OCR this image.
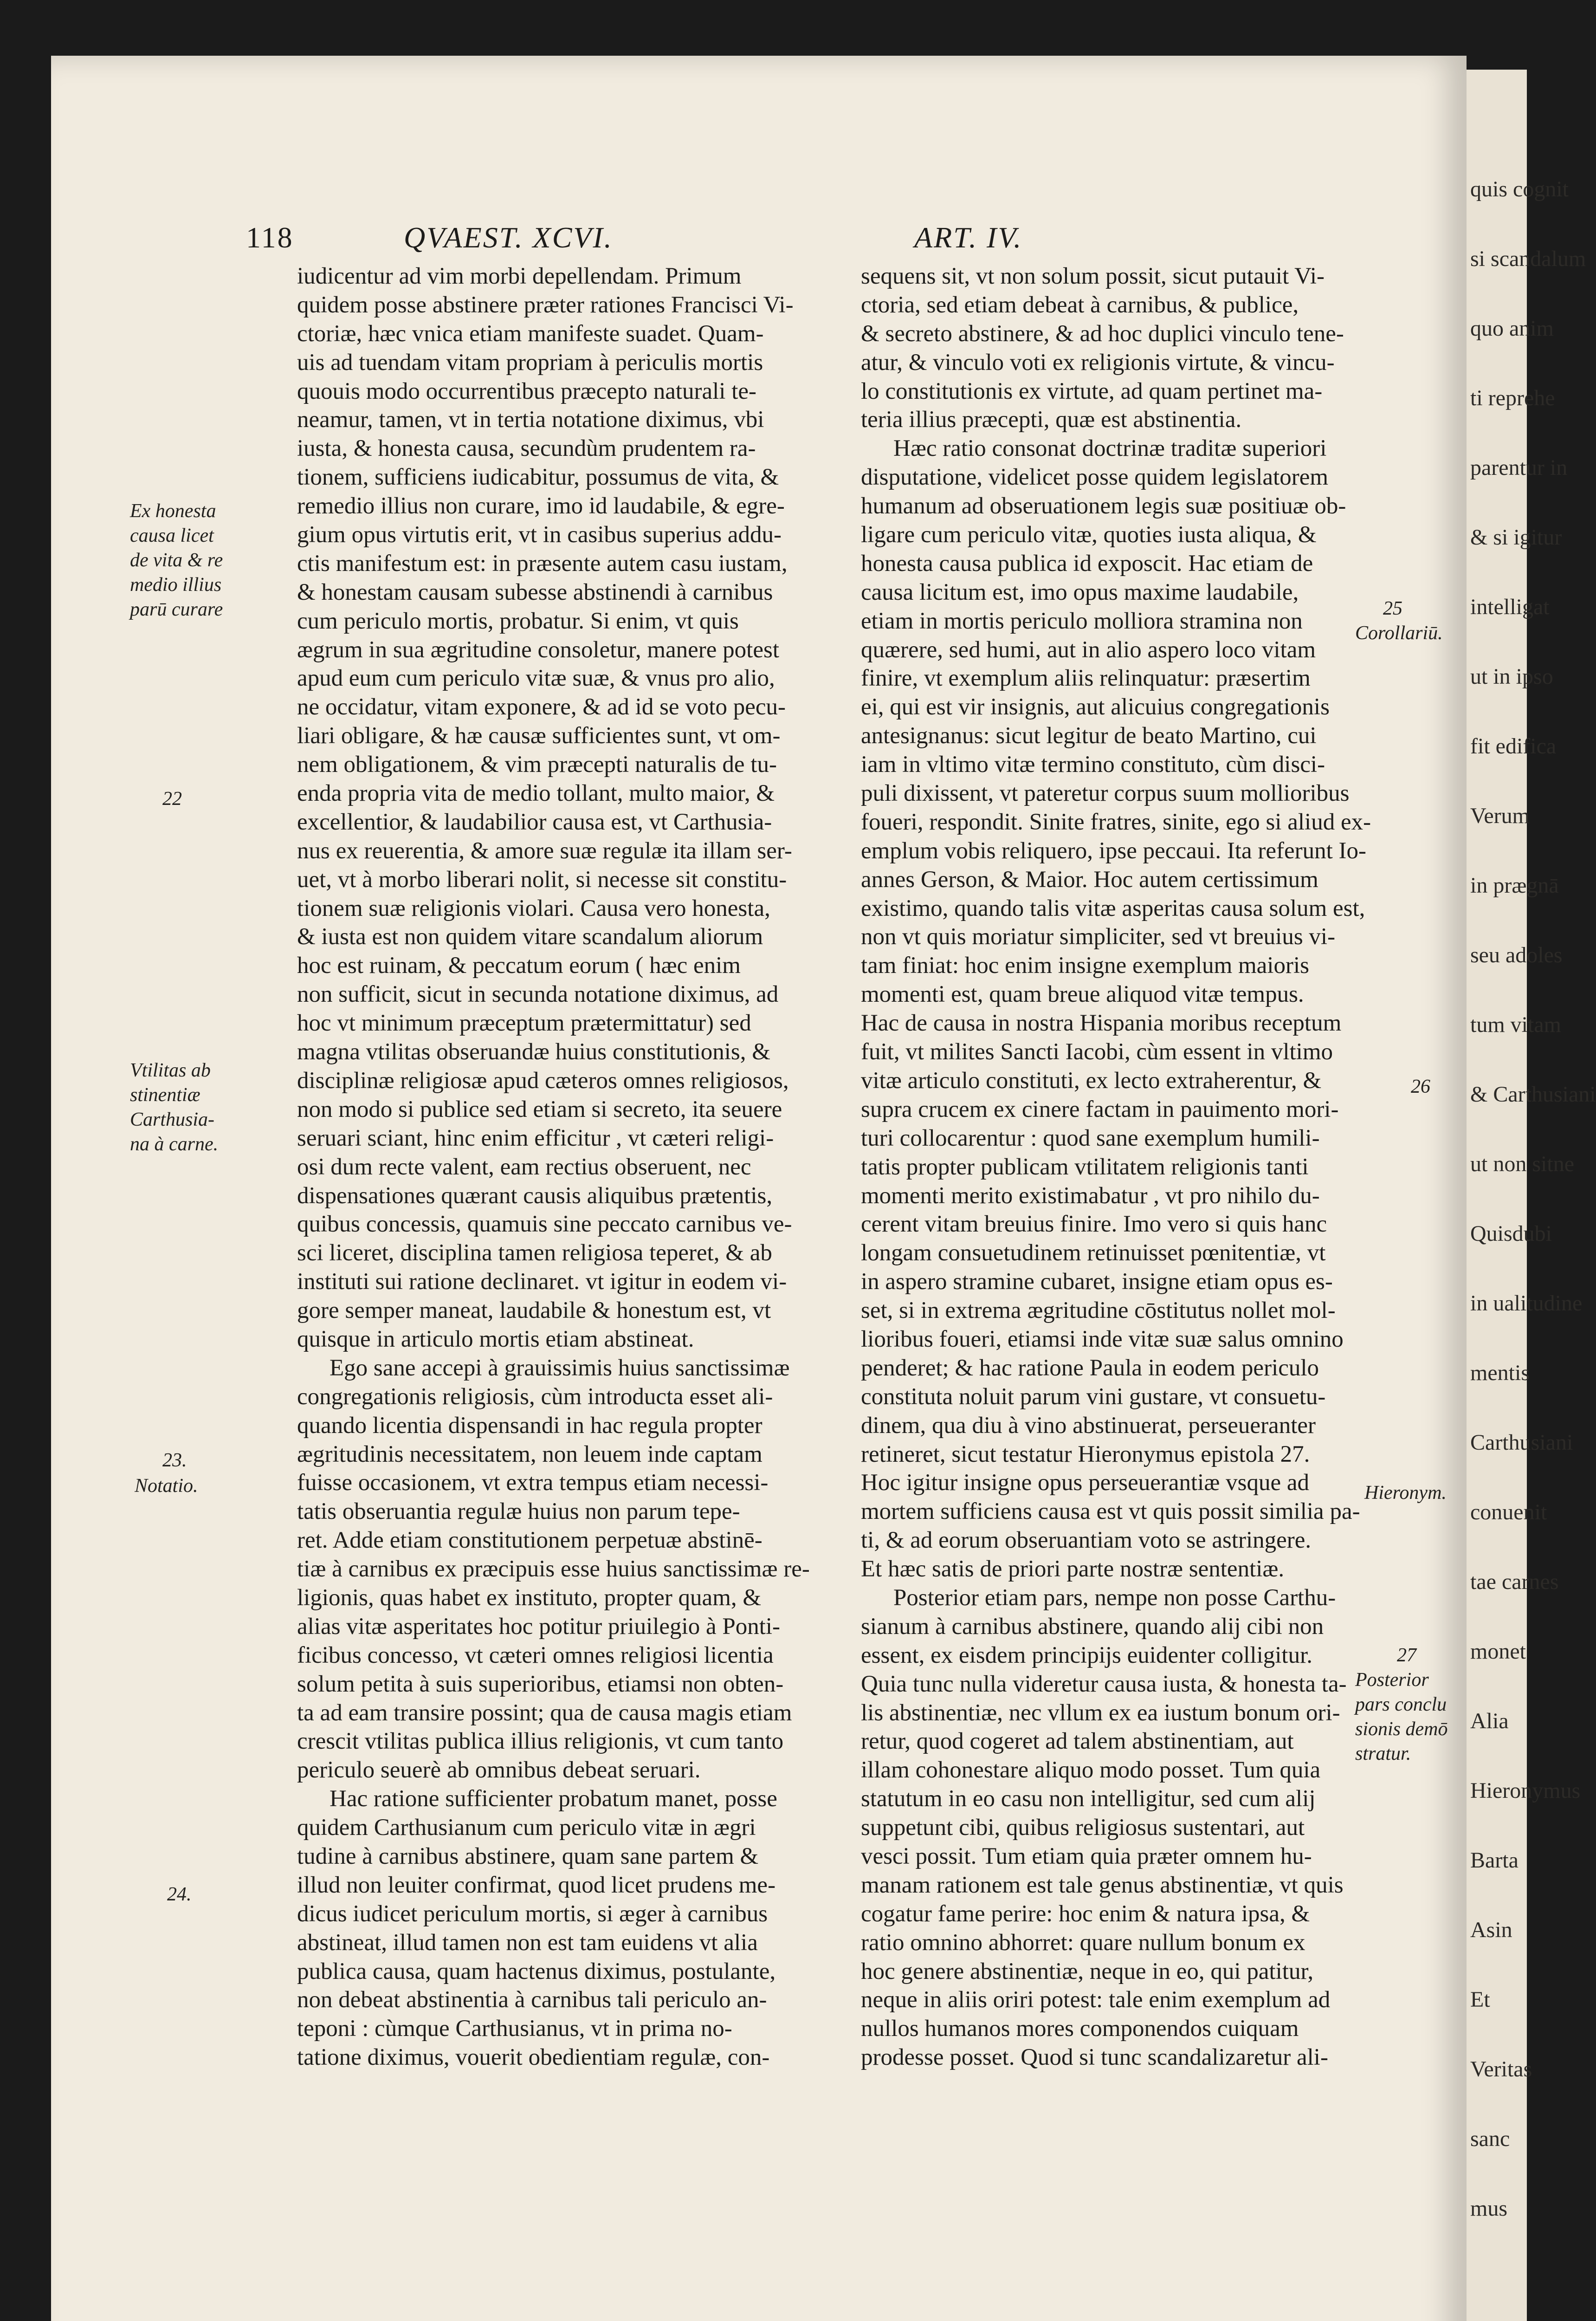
118	QVAEST. XCVI.	ART. IV.
iudicentur ad vim morbi depellendam. Primum
quidem posse abstinere præter rationes Francisci Vi-
ctoriæ, hæc vnica etiam manifeste suadet. Quam-
uis ad tuendam vitam propriam à periculis mortis
quouis modo occurrentibus præcepto naturali te-
neamur, tamen, vt in tertia notatione diximus, vbi
iusta, & honesta causa, secundùm prudentem ra-
tionem, sufficiens iudicabitur, possumus de vita, &
remedio illius non curare, imo id laudabile, & egre-
gium opus virtutis erit, vt in casibus superius addu-
ctis manifestum est: in præsente autem casu iustam,
& honestam causam subesse abstinendi à carnibus
cum periculo mortis, probatur. Si enim, vt quis
ægrum in sua ægritudine consoletur, manere potest
apud eum cum periculo vitæ suæ, & vnus pro alio,
ne occidatur, vitam exponere, & ad id se voto pecu-
liari obligare, & hæ causæ sufficientes sunt, vt om-
nem obligationem, & vim præcepti naturalis de tu-
enda propria vita de medio tollant, multo maior, &
excellentior, & laudabilior causa est, vt Carthusia-
nus ex reuerentia, & amore suæ regulæ ita illam ser-
uet, vt à morbo liberari nolit, si necesse sit constitu-
tionem suæ religionis violari. Causa vero honesta,
& iusta est non quidem vitare scandalum aliorum
hoc est ruinam, & peccatum eorum ( hæc enim
non sufficit, sicut in secunda notatione diximus, ad
hoc vt minimum præceptum prætermittatur) sed
magna vtilitas obseruandæ huius constitutionis, &
disciplinæ religiosæ apud cæteros omnes religiosos,
non modo si publice sed etiam si secreto, ita seuere
seruari sciant, hinc enim efficitur , vt cæteri religi-
osi dum recte valent, eam rectius obseruent, nec
dispensationes quærant causis aliquibus prætentis,
quibus concessis, quamuis sine peccato carnibus ve-
sci liceret, disciplina tamen religiosa teperet, & ab
instituti sui ratione declinaret. vt igitur in eodem vi-
gore semper maneat, laudabile & honestum est, vt
quisque in articulo mortis etiam abstineat.
Ego sane accepi à grauissimis huius sanctissimæ
congregationis religiosis, cùm introducta esset ali-
quando licentia dispensandi in hac regula propter
ægritudinis necessitatem, non leuem inde captam
fuisse occasionem, vt extra tempus etiam necessi-
tatis obseruantia regulæ huius non parum tepe-
ret. Adde etiam constitutionem perpetuæ abstinē-
tiæ à carnibus ex præcipuis esse huius sanctissimæ re-
ligionis, quas habet ex instituto, propter quam, &
alias vitæ asperitates hoc potitur priuilegio à Ponti-
ficibus concesso, vt cæteri omnes religiosi licentia
solum petita à suis superioribus, etiamsi non obten-
ta ad eam transire possint; qua de causa magis etiam
crescit vtilitas publica illius religionis, vt cum tanto
periculo seuerè ab omnibus debeat seruari.
Hac ratione sufficienter probatum manet, posse
quidem Carthusianum cum periculo vitæ in ægri
tudine à carnibus abstinere, quam sane partem &
illud non leuiter confirmat, quod licet prudens me-
dicus iudicet periculum mortis, si æger à carnibus
abstineat, illud tamen non est tam euidens vt alia
publica causa, quam hactenus diximus, postulante,
non debeat abstinentia à carnibus tali periculo an-
teponi : cùmque Carthusianus, vt in prima no-
tatione diximus, vouerit obedientiam regulæ, con-
sequens sit, vt non solum possit, sicut putauit Vi-
ctoria, sed etiam debeat à carnibus, & publice,
& secreto abstinere, & ad hoc duplici vinculo tene-
atur, & vinculo voti ex religionis virtute, & vincu-
lo constitutionis ex virtute, ad quam pertinet ma-
teria illius præcepti, quæ est abstinentia.
Hæc ratio consonat doctrinæ traditæ superiori
disputatione, videlicet posse quidem legislatorem
humanum ad obseruationem legis suæ positiuæ ob-
ligare cum periculo vitæ, quoties iusta aliqua, &
honesta causa publica id exposcit. Hac etiam de
causa licitum est, imo opus maxime laudabile,
etiam in mortis periculo molliora stramina non
quærere, sed humi, aut in alio aspero loco vitam
finire, vt exemplum aliis relinquatur: præsertim
ei, qui est vir insignis, aut alicuius congregationis
antesignanus: sicut legitur de beato Martino, cui
iam in vltimo vitæ termino constituto, cùm disci-
puli dixissent, vt pateretur corpus suum mollioribus
foueri, respondit. Sinite fratres, sinite, ego si aliud ex-
emplum vobis reliquero, ipse peccaui. Ita referunt Io-
annes Gerson, & Maior. Hoc autem certissimum
existimo, quando talis vitæ asperitas causa solum est,
non vt quis moriatur simpliciter, sed vt breuius vi-
tam finiat: hoc enim insigne exemplum maioris
momenti est, quam breue aliquod vitæ tempus.
Hac de causa in nostra Hispania moribus receptum
fuit, vt milites Sancti Iacobi, cùm essent in vltimo
vitæ articulo constituti, ex lecto extraherentur, &
supra crucem ex cinere factam in pauimento mori-
turi collocarentur : quod sane exemplum humili-
tatis propter publicam vtilitatem religionis tanti
momenti merito existimabatur , vt pro nihilo du-
cerent vitam breuius finire. Imo vero si quis hanc
longam consuetudinem retinuisset pœnitentiæ, vt
in aspero stramine cubaret, insigne etiam opus es-
set, si in extrema ægritudine cōstitutus nollet mol-
lioribus foueri, etiamsi inde vitæ suæ salus omnino
penderet; & hac ratione Paula in eodem periculo
constituta noluit parum vini gustare, vt consuetu-
dinem, qua diu à vino abstinuerat, perseueranter
retineret, sicut testatur Hieronymus epistola 27.
Hoc igitur insigne opus perseuerantiæ vsque ad
mortem sufficiens causa est vt quis possit similia pa-
ti, & ad eorum obseruantiam voto se astringere.
Et hæc satis de priori parte nostræ sententiæ.
Posterior etiam pars, nempe non posse Carthu-
sianum à carnibus abstinere, quando alij cibi non
essent, ex eisdem principijs euidenter colligitur.
Quia tunc nulla videretur causa iusta, & honesta ta-
lis abstinentiæ, nec vllum ex ea iustum bonum ori-
retur, quod cogeret ad talem abstinentiam, aut
illam cohonestare aliquo modo posset. Tum quia
statutum in eo casu non intelligitur, sed cum alij
suppetunt cibi, quibus religiosus sustentari, aut
vesci possit. Tum etiam quia præter omnem hu-
manam rationem est tale genus abstinentiæ, vt quis
cogatur fame perire: hoc enim & natura ipsa, &
ratio omnino abhorret: quare nullum bonum ex
hoc genere abstinentiæ, neque in eo, qui patitur,
neque in aliis oriri potest: tale enim exemplum ad
nullos humanos mores componendos cuiquam
prodesse posset. Quod si tunc scandalizaretur ali-
Ex honesta
causa licet
de vita & re
medio illius
parū curare
22
Vtilitas ab
stinentiæ
Carthusia-
na à carne.
23.
Notatio.
24.
25
Corollariū.
26
Hieronym.
27
Posterior
pars conclu
sionis demō
stratur.
quis cognit
si scandalum
quo anim
ti reprehe
parentur in
& si igitur
intelligat
ut in ipso
fit edifica
Verum
in prægnā
seu adoles
tum vitam
& Carthusiani
ut non sitne
Quisdubi
in ualitudine
mentis
Carthusiani
conuenit
tae carnes
monet
Alia
Hieronymus
Barta
Asin
Et
Veritas
sanc
mus
